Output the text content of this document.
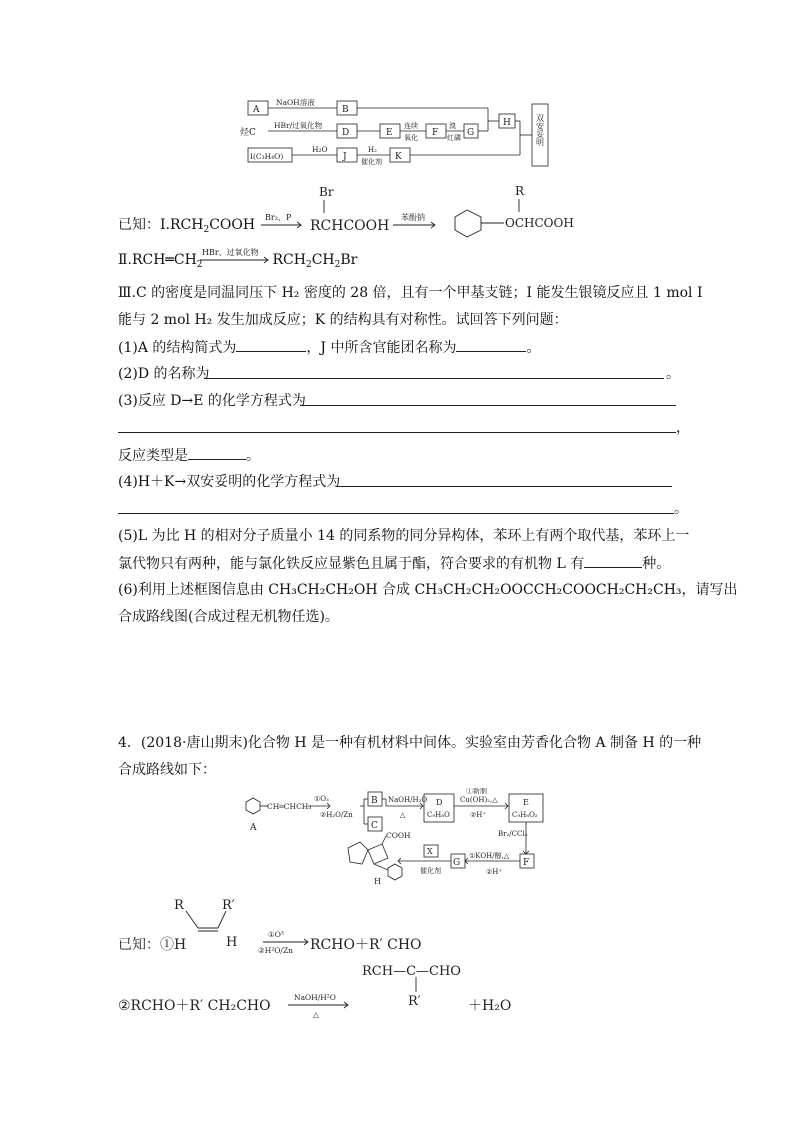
A	B
烃C	D	E	F	G
H
I(C₃H₄O)	J	K
NaOH溶液
HBr/过氧化物	连续
氧化
溴
红磷
H₂O	H₂
催化剂
双安妥明
已知：$Ⅰ.RCH_2COOH$ Br₂、P
Br
RCHCOOH
苯酚钠
R
OCHCOOH
$Ⅱ.RCH═CH_2$	$RCH_2CH_2Br$
HBr、过氧化物
Ⅲ.C 的密度是同温同压下 H₂ 密度的 28 倍，且有一个甲基支链；I 能发生银镜反应且 1 mol I
能与 2 mol H₂ 发生加成反应；K 的结构具有对称性。试回答下列问题：
(1)A 的结构简式为	，J 中所含官能团名称为	。
(2)D 的名称为	。
(3)反应 D→E 的化学方程式为
，
反应类型是	。
(4)H＋K→双安妥明的化学方程式为
。
(5)L 为比 H 的相对分子质量小 14 的同系物的同分异构体，苯环上有两个取代基，苯环上一
氯代物只有两种，能与氯化铁反应显紫色且属于酯，符合要求的有机物 L 有	种。
(6)利用上述框图信息由 CH₃CH₂CH₂OH 合成 CH₃CH₂CH₂OOCCH₂COOCH₂CH₂CH₃，请写出
合成路线图(合成过程无机物任选)。
4．(2018·唐山期末)化合物 H 是一种有机材料中间体。实验室由芳香化合物 A 制备 H 的一种
合成路线如下：
CH═CHCH₃
A
①O₃
②H₂O/Zn
B
C
NaOH/H₂O
△
D
C₉H₈O
①新制
Cu(OH)₂,△
②H⁺
E
C₉H₈O₂
Br₂/CCl₄
F
①KOH/醇,△
②H⁺
G
X
催化剂
COOH
H
R	R′
已知：①H	H
①O³
②H²O/Zn RCHO＋R′ CHO
②RCHO＋R′ CH₂CHO
NaOH/H²O
△
RCH—C—CHO
R′	＋H₂O
